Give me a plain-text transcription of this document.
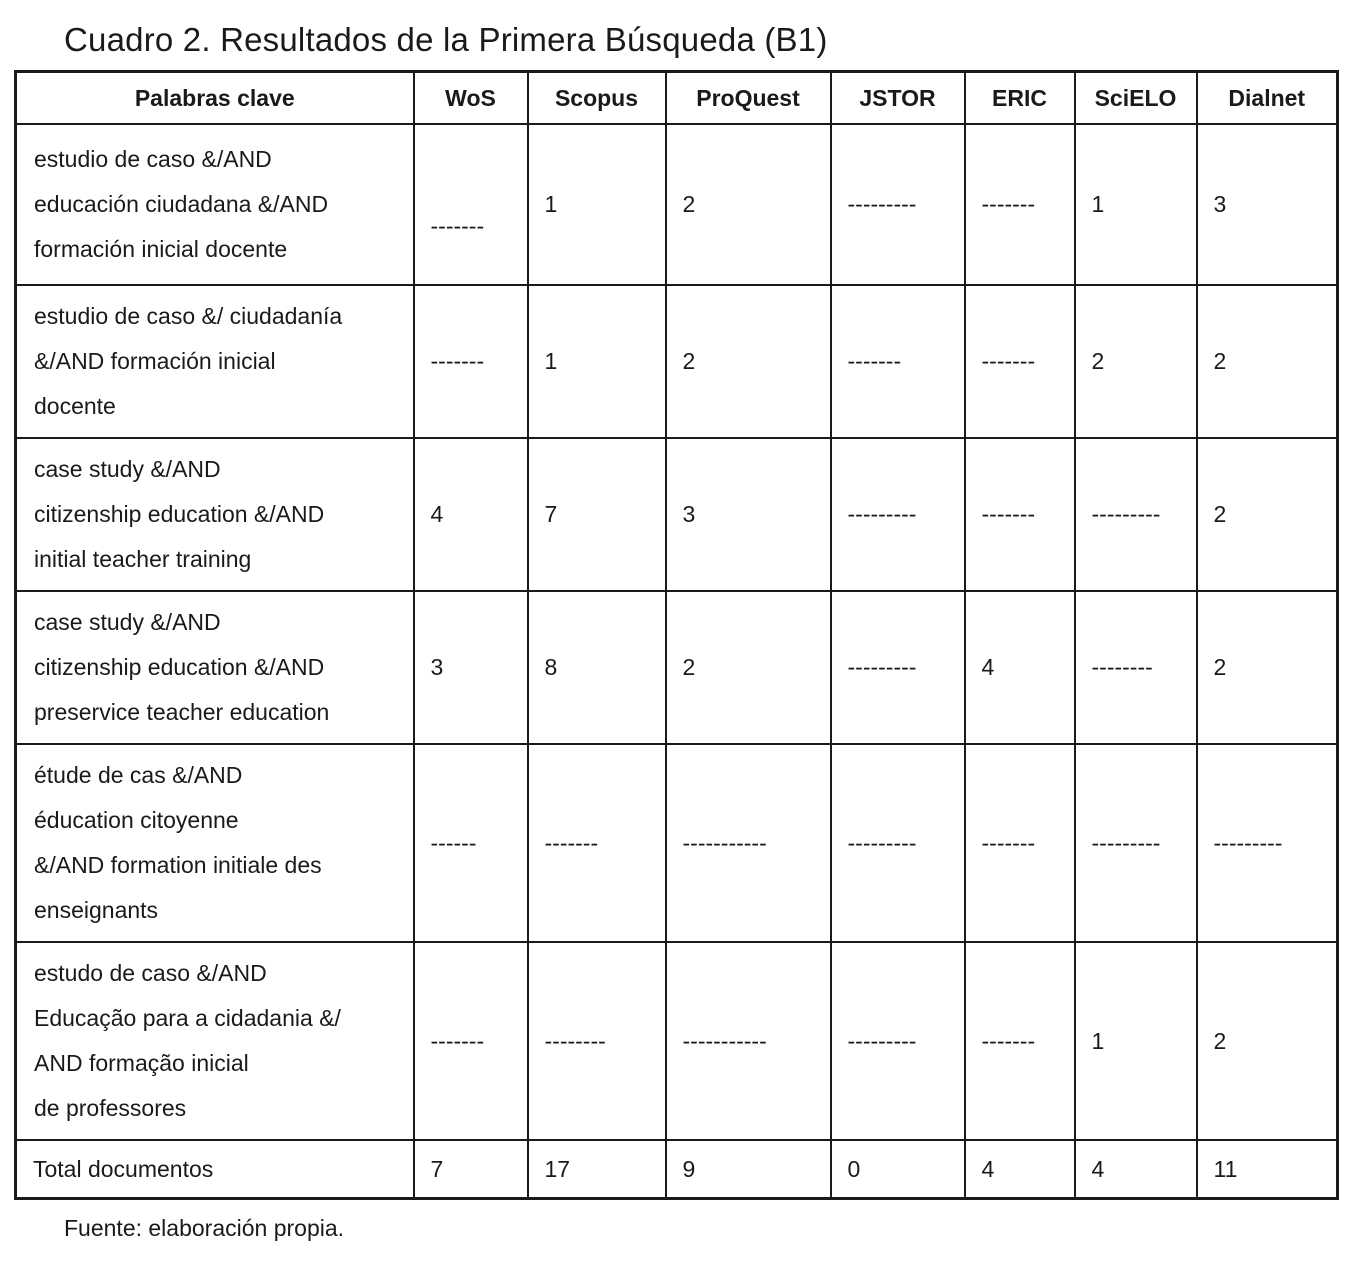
Cuadro 2. Resultados de la Primera Búsqueda (B1)
Palabras clave	WoS	Scopus	ProQuest	JSTOR	ERIC	SciELO	Dialnet
estudio de caso &/AND
educación ciudadana &/AND
formación inicial docente	-------	1	2	---------	-------	1	3
estudio de caso &/ ciudadanía
&/AND formación inicial
docente	-------	1	2	-------	-------	2	2
case study &/AND
citizenship education &/AND
initial teacher training	4	7	3	---------	-------	---------	2
case study &/AND
citizenship education &/AND
preservice teacher education	3	8	2	---------	4	--------	2
étude de cas &/AND
éducation citoyenne
&/AND formation initiale des
enseignants	------	-------	-----------	---------	-------	---------	---------
estudo de caso &/AND
Educação para a cidadania &/
AND formação inicial
de professores	-------	--------	-----------	---------	-------	1	2
Total documentos	7	17	9	0	4	4	11
Fuente: elaboración propia.
